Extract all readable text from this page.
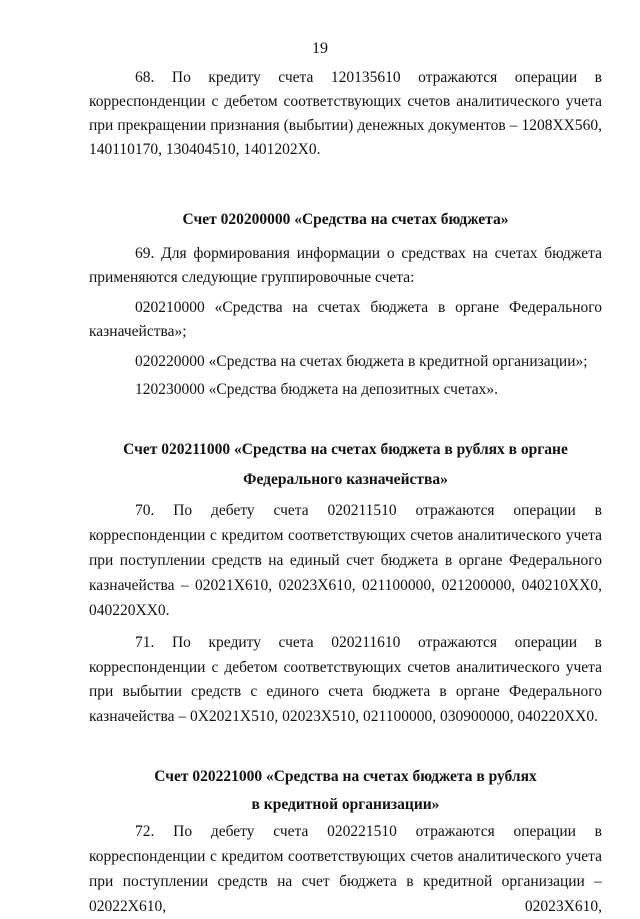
19

68. По кредиту счета 120135610 отражаются операции в корреспонденции с дебетом соответствующих счетов аналитического учета при прекращении признания (выбытии) денежных документов – 1208ХХ560, 140110170, 130404510, 1401202Х0.

Счет 020200000 «Средства на счетах бюджета»

69. Для формирования информации о средствах на счетах бюджета применяются следующие группировочные счета:

020210000 «Средства на счетах бюджета в органе Федерального казначейства»;

020220000 «Средства на счетах бюджета в кредитной организации»;

120230000 «Средства бюджета на депозитных счетах».

Счет 020211000 «Средства на счетах бюджета в рублях в органе

Федерального казначейства»

70. По дебету счета 020211510 отражаются операции в корреспонденции с кредитом соответствующих счетов аналитического учета при поступлении средств на единый счет бюджета в органе Федерального казначейства – 02021Х610, 02023Х610, 021100000, 021200000, 040210ХХ0, 040220ХХ0.

71. По кредиту счета 020211610 отражаются операции в корреспонденции с дебетом соответствующих счетов аналитического учета при выбытии средств с единого счета бюджета в органе Федерального казначейства – 0Х2021Х510, 02023Х510, 021100000, 030900000, 040220ХХ0.

Счет 020221000 «Средства на счетах бюджета в рублях

в кредитной организации»

72. По дебету счета 020221510 отражаются операции в корреспонденции с кредитом соответствующих счетов аналитического учета при поступлении средств на счет бюджета в кредитной организации – 02022Х610, 02023Х610,
